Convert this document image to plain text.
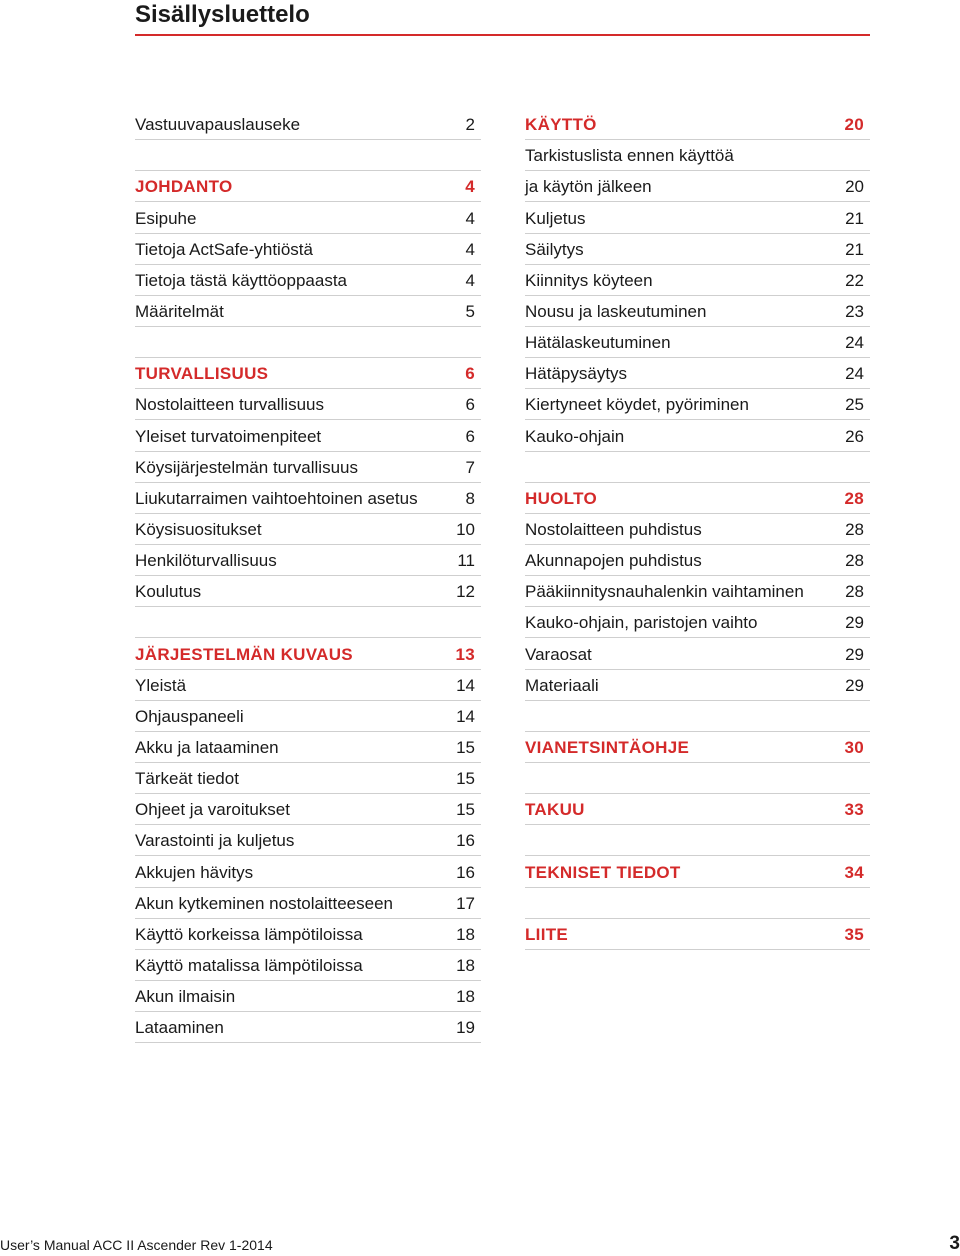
Sisällysluettelo
Vastuuvapauslauseke	2
JOHDANTO	4
Esipuhe	4
Tietoja ActSafe-yhtiöstä	4
Tietoja tästä käyttöoppaasta	4
Määritelmät	5
TURVALLISUUS	6
Nostolaitteen turvallisuus	6
Yleiset turvatoimenpiteet	6
Köysijärjestelmän turvallisuus	7
Liukutarraimen vaihtoehtoinen asetus	8
Köysisuositukset	10
Henkilöturvallisuus	11
Koulutus	12
JÄRJESTELMÄN KUVAUS	13
Yleistä	14
Ohjauspaneeli	14
Akku ja lataaminen	15
Tärkeät tiedot	15
Ohjeet ja varoitukset	15
Varastointi ja kuljetus	16
Akkujen hävitys	16
Akun kytkeminen nostolaitteeseen	17
Käyttö korkeissa lämpötiloissa	18
Käyttö matalissa lämpötiloissa	18
Akun ilmaisin	18
Lataaminen	19
KÄYTTÖ	20
Tarkistuslista ennen käyttöä
ja käytön jälkeen	20
Kuljetus	21
Säilytys	21
Kiinnitys köyteen	22
Nousu ja laskeutuminen	23
Hätälaskeutuminen	24
Hätäpysäytys	24
Kiertyneet köydet, pyöriminen	25
Kauko-ohjain	26
HUOLTO	28
Nostolaitteen puhdistus	28
Akunnapojen puhdistus	28
Pääkiinnitysnauhalenkin vaihtaminen 28
Kauko-ohjain, paristojen vaihto	29
Varaosat	29
Materiaali	29
VIANETSINTÄOHJE	30
TAKUU	33
TEKNISET TIEDOT	34
LIITE	35
User’s Manual ACC II Ascender Rev 1-2014	3
